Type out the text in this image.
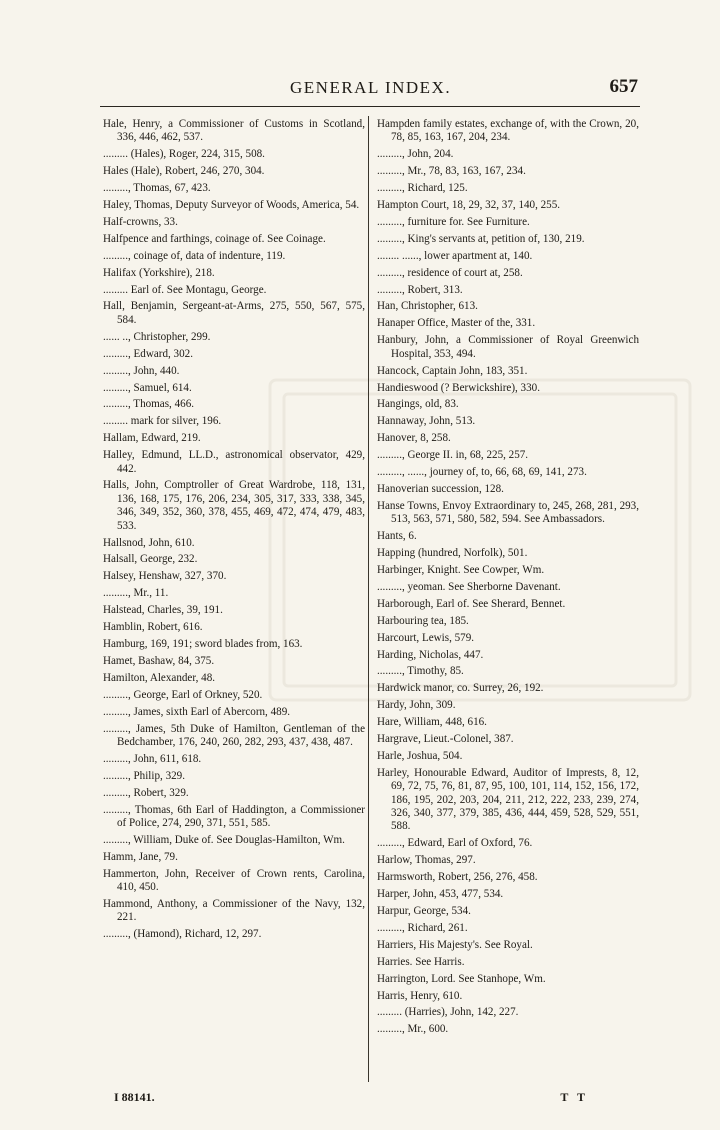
GENERAL INDEX.	657
Hale, Henry, a Commissioner of Customs in Scotland, 336, 446, 462, 537.
......... (Hales), Roger, 224, 315, 508.
Hales (Hale), Robert, 246, 270, 304.
........., Thomas, 67, 423.
Haley, Thomas, Deputy Surveyor of Woods, America, 54.
Half-crowns, 33.
Halfpence and farthings, coinage of. See Coinage.
........., coinage of, data of indenture, 119.
Halifax (Yorkshire), 218.
......... Earl of. See Montagu, George.
Hall, Benjamin, Sergeant-at-Arms, 275, 550, 567, 575, 584.
...... .., Christopher, 299.
........., Edward, 302.
........., John, 440.
........., Samuel, 614.
........., Thomas, 466.
......... mark for silver, 196.
Hallam, Edward, 219.
Halley, Edmund, LL.D., astronomical observator, 429, 442.
Halls, John, Comptroller of Great Wardrobe, 118, 131, 136, 168, 175, 176, 206, 234, 305, 317, 333, 338, 345, 346, 349, 352, 360, 378, 455, 469, 472, 474, 479, 483, 533.
Hallsnod, John, 610.
Halsall, George, 232.
Halsey, Henshaw, 327, 370.
........., Mr., 11.
Halstead, Charles, 39, 191.
Hamblin, Robert, 616.
Hamburg, 169, 191; sword blades from, 163.
Hamet, Bashaw, 84, 375.
Hamilton, Alexander, 48.
........., George, Earl of Orkney, 520.
........., James, sixth Earl of Abercorn, 489.
........., James, 5th Duke of Hamilton, Gentleman of the Bedchamber, 176, 240, 260, 282, 293, 437, 438, 487.
........., John, 611, 618.
........., Philip, 329.
........., Robert, 329.
........., Thomas, 6th Earl of Haddington, a Commissioner of Police, 274, 290, 371, 551, 585.
........., William, Duke of. See Douglas-Hamilton, Wm.
Hamm, Jane, 79.
Hammerton, John, Receiver of Crown rents, Carolina, 410, 450.
Hammond, Anthony, a Commissioner of the Navy, 132, 221.
........., (Hamond), Richard, 12, 297.
Hampden family estates, exchange of, with the Crown, 20, 78, 85, 163, 167, 204, 234.
........., John, 204.
........., Mr., 78, 83, 163, 167, 234.
........., Richard, 125.
Hampton Court, 18, 29, 32, 37, 140, 255.
........., furniture for. See Furniture.
........., King's servants at, petition of, 130, 219.
........ ......, lower apartment at, 140.
........., residence of court at, 258.
........., Robert, 313.
Han, Christopher, 613.
Hanaper Office, Master of the, 331.
Hanbury, John, a Commissioner of Royal Greenwich Hospital, 353, 494.
Hancock, Captain John, 183, 351.
Handieswood (? Berwickshire), 330.
Hangings, old, 83.
Hannaway, John, 513.
Hanover, 8, 258.
........., George II. in, 68, 225, 257.
........., ......, journey of, to, 66, 68, 69, 141, 273.
Hanoverian succession, 128.
Hanse Towns, Envoy Extraordinary to, 245, 268, 281, 293, 513, 563, 571, 580, 582, 594. See Ambassadors.
Hants, 6.
Happing (hundred, Norfolk), 501.
Harbinger, Knight. See Cowper, Wm.
........., yeoman. See Sherborne Davenant.
Harborough, Earl of. See Sherard, Bennet.
Harbouring tea, 185.
Harcourt, Lewis, 579.
Harding, Nicholas, 447.
........., Timothy, 85.
Hardwick manor, co. Surrey, 26, 192.
Hardy, John, 309.
Hare, William, 448, 616.
Hargrave, Lieut.-Colonel, 387.
Harle, Joshua, 504.
Harley, Honourable Edward, Auditor of Imprests, 8, 12, 69, 72, 75, 76, 81, 87, 95, 100, 101, 114, 152, 156, 172, 186, 195, 202, 203, 204, 211, 212, 222, 233, 239, 274, 326, 340, 377, 379, 385, 436, 444, 459, 528, 529, 551, 588.
........., Edward, Earl of Oxford, 76.
Harlow, Thomas, 297.
Harmsworth, Robert, 256, 276, 458.
Harper, John, 453, 477, 534.
Harpur, George, 534.
........., Richard, 261.
Harriers, His Majesty's. See Royal.
Harries. See Harris.
Harrington, Lord. See Stanhope, Wm.
Harris, Henry, 610.
......... (Harries), John, 142, 227.
........., Mr., 600.
I 88141.	T T
